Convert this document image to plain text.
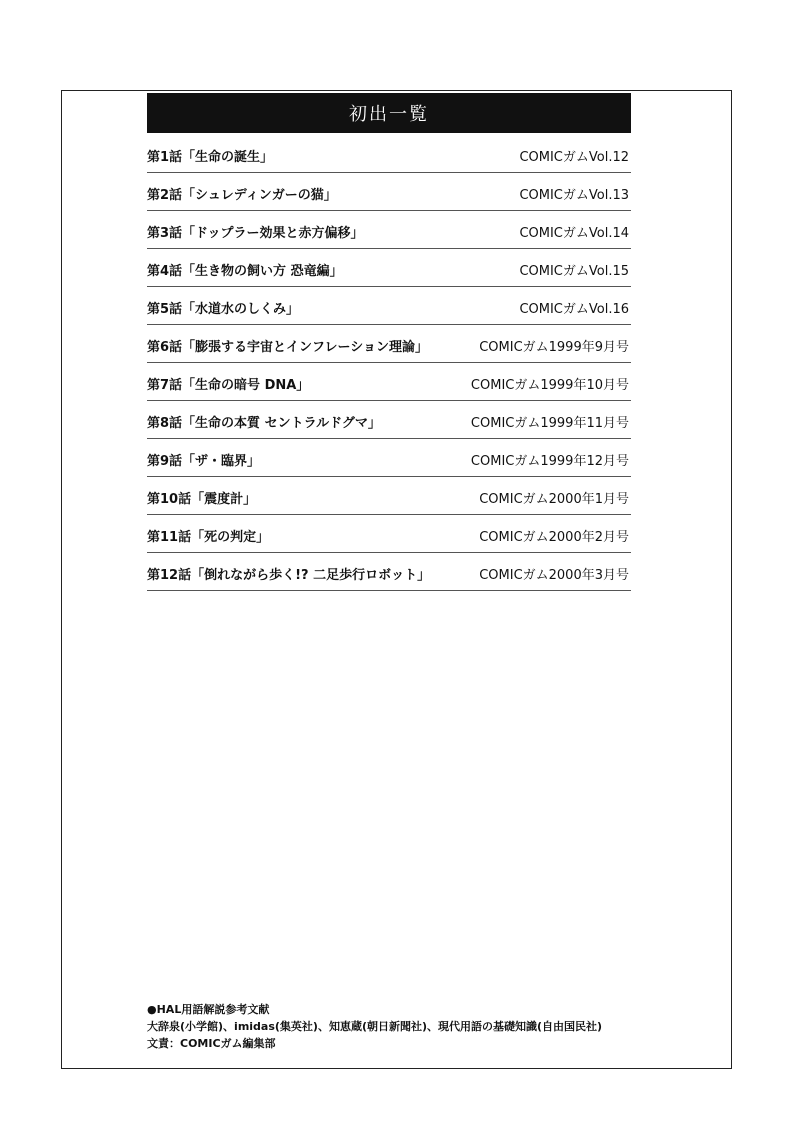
初出一覧
第1話「生命の誕生」	COMICガムVol.12
第2話「シュレディンガーの猫」	COMICガムVol.13
第3話「ドップラー効果と赤方偏移」	COMICガムVol.14
第4話「生き物の飼い方 恐竜編」	COMICガムVol.15
第5話「水道水のしくみ」	COMICガムVol.16
第6話「膨張する宇宙とインフレーション理論」	COMICガム1999年9月号
第7話「生命の暗号 DNA」	COMICガム1999年10月号
第8話「生命の本質 セントラルドグマ」	COMICガム1999年11月号
第9話「ザ・臨界」	COMICガム1999年12月号
第10話「震度計」	COMICガム2000年1月号
第11話「死の判定」	COMICガム2000年2月号
第12話「倒れながら歩く!? 二足歩行ロボット」	COMICガム2000年3月号
●HAL用語解説参考文献
大辞泉(小学館)、imidas(集英社)、知恵蔵(朝日新聞社)、現代用語の基礎知識(自由国民社)
文責：COMICガム編集部
